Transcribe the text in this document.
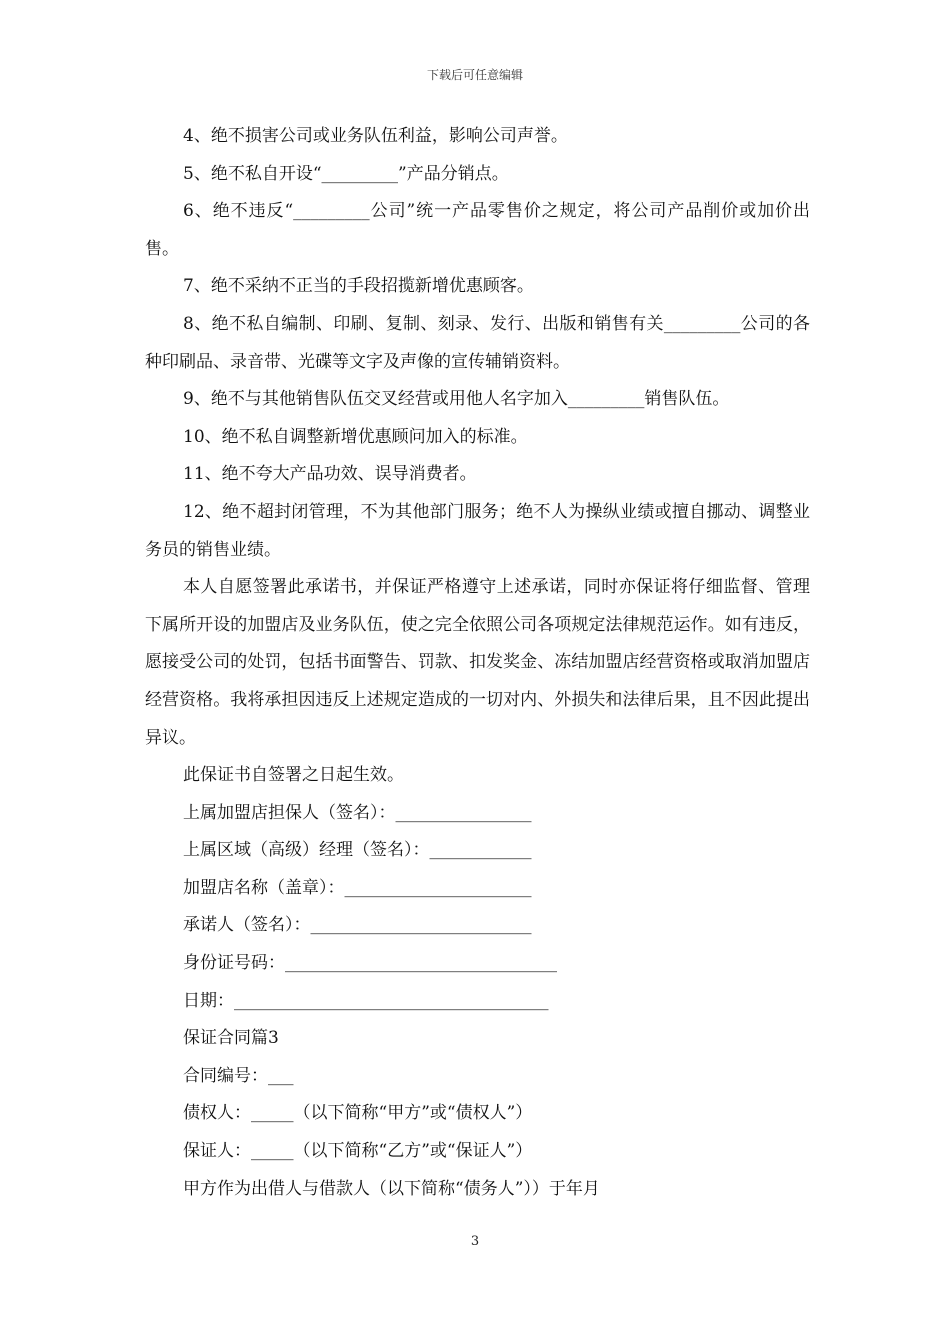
下载后可任意编辑

4、绝不损害公司或业务队伍利益，影响公司声誉。

5、绝不私自开设“_________”产品分销点。

6、绝不违反“_________公司”统一产品零售价之规定，将公司产品削价或加价出售。

7、绝不采纳不正当的手段招揽新增优惠顾客。

8、绝不私自编制、印刷、复制、刻录、发行、出版和销售有关_________公司的各种印刷品、录音带、光碟等文字及声像的宣传辅销资料。

9、绝不与其他销售队伍交叉经营或用他人名字加入_________销售队伍。

10、绝不私自调整新增优惠顾问加入的标准。

11、绝不夸大产品功效、误导消费者。

12、绝不超封闭管理，不为其他部门服务；绝不人为操纵业绩或擅自挪动、调整业务员的销售业绩。

本人自愿签署此承诺书，并保证严格遵守上述承诺，同时亦保证将仔细监督、管理下属所开设的加盟店及业务队伍，使之完全依照公司各项规定法律规范运作。如有违反，愿接受公司的处罚，包括书面警告、罚款、扣发奖金、冻结加盟店经营资格或取消加盟店经营资格。我将承担因违反上述规定造成的一切对内、外损失和法律后果，且不因此提出异议。

此保证书自签署之日起生效。

上属加盟店担保人（签名）：________________

上属区域（高级）经理（签名）：____________

加盟店名称（盖章）：______________________

承诺人（签名）：__________________________

身份证号码：________________________________

日期：_____________________________________

保证合同篇3

合同编号：___

债权人：_____（以下简称“甲方”或“债权人”）

保证人：_____（以下简称“乙方”或“保证人”）

甲方作为出借人与借款人（以下简称“债务人”））于年月

3
